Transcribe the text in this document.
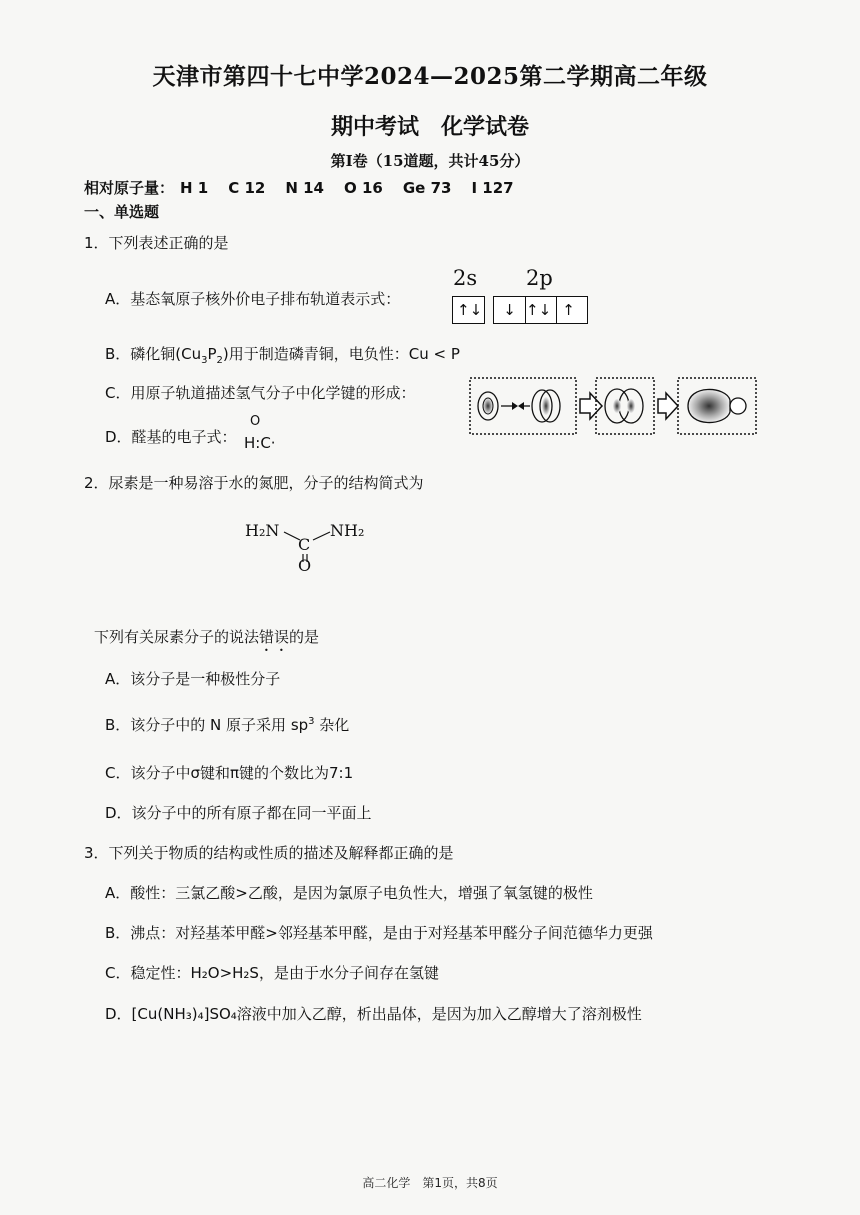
天津市第四十七中学2024—2025第二学期高二年级
期中考试 化学试卷
第Ⅰ卷（15道题，共计45分）
相对原子量： H 1 C 12 N 14 O 16 Ge 73 I 127
一、单选题
1．下列表述正确的是
A．基态氧原子核外价电子排布轨道表示式：
2s 2p
↑↓	↓ ↑↓ ↑
B．磷化铜$(Cu_3P_2)$用于制造磷青铜，电负性：Cu < P
C．用原子轨道描述氢气分子中化学键的形成：
D．醛基的电子式：
O
H:C·
2．尿素是一种易溶于水的氮肥，分子的结构简式为
H₂N	NH₂
C
O
下列有关尿素分子的说法错误的是
A．该分子是一种极性分子
B．该分子中的 N 原子采用 $sp^3$ 杂化
C．该分子中σ键和π键的个数比为7:1
D．该分子中的所有原子都在同一平面上
3．下列关于物质的结构或性质的描述及解释都正确的是
A．酸性：三氯乙酸>乙酸，是因为氯原子电负性大，增强了氧氢键的极性
B．沸点：对羟基苯甲醛>邻羟基苯甲醛，是由于对羟基苯甲醛分子间范德华力更强
C．稳定性：H₂O>H₂S，是由于水分子间存在氢键
D．[Cu(NH₃)₄]SO₄溶液中加入乙醇，析出晶体，是因为加入乙醇增大了溶剂极性
高二化学 第1页，共8页
